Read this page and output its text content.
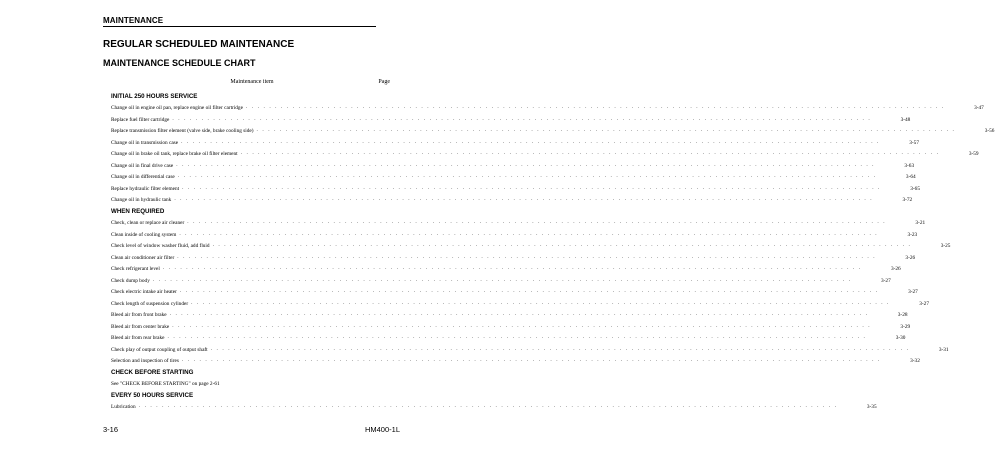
MAINTENANCE
REGULAR SCHEDULED MAINTENANCE
MAINTENANCE SCHEDULE CHART
Maintenance item	Page
INITIAL 250 HOURS SERVICE
Change oil in engine oil pan, replace engine oil filter cartridge . . . . . . . . . . . . . . . . . . . . . . . . . . . . . . . . . . . . . . . . . . . . . . . . . . . . . . . . . . . . . . . . . . . . . . . . . . . . . . . . . . . . . . . . . . . . . . . . . . . . . . . . . . . . . . . . . . . . . . . .	3-47
Replace fuel filter cartridge . . . . . . . . . . . . . . . . . . . . . . . . . . . . . . . . . . . . . . . . . . . . . . . . . . . . . . . . . . . . . . . . . . . . . . . . . . . . . . . . . . . . . . . . . . . . . . . . . . . . . . . . . . . . . . . . . . . . . . . .	3-48
Replace transmission filter element (valve side, brake cooling side) . . . . . . . . . . . . . . . . . . . . . . . . . . . . . . . . . . . . . . . . . . . . . . . . . . . . . . . . . . . . . . . . . . . . . . . . . . . . . . . . . . . . . . . . . . . . . . . . . . . . . . . . . . . . . . . . . . . . . . . .	3-56
Change oil in transmission case . . . . . . . . . . . . . . . . . . . . . . . . . . . . . . . . . . . . . . . . . . . . . . . . . . . . . . . . . . . . . . . . . . . . . . . . . . . . . . . . . . . . . . . . . . . . . . . . . . . . . . . . . . . . . . . . . . . . . . . .	3-57
Change oil in brake oil tank, replace brake oil filter element . . . . . . . . . . . . . . . . . . . . . . . . . . . . . . . . . . . . . . . . . . . . . . . . . . . . . . . . . . . . . . . . . . . . . . . . . . . . . . . . . . . . . . . . . . . . . . . . . . . . . . . . . . . . . . . . . . . . . . . .	3-59
Change oil in final drive case . . . . . . . . . . . . . . . . . . . . . . . . . . . . . . . . . . . . . . . . . . . . . . . . . . . . . . . . . . . . . . . . . . . . . . . . . . . . . . . . . . . . . . . . . . . . . . . . . . . . . . . . . . . . . . . . . . . . . . . .	3-63
Change oil in differential case . . . . . . . . . . . . . . . . . . . . . . . . . . . . . . . . . . . . . . . . . . . . . . . . . . . . . . . . . . . . . . . . . . . . . . . . . . . . . . . . . . . . . . . . . . . . . . . . . . . . . . . . . . . . . . . . . . . . . . . .	3-64
Replace hydraulic filter element . . . . . . . . . . . . . . . . . . . . . . . . . . . . . . . . . . . . . . . . . . . . . . . . . . . . . . . . . . . . . . . . . . . . . . . . . . . . . . . . . . . . . . . . . . . . . . . . . . . . . . . . . . . . . . . . . . . . . . . .	3-65
Change oil in hydraulic tank . . . . . . . . . . . . . . . . . . . . . . . . . . . . . . . . . . . . . . . . . . . . . . . . . . . . . . . . . . . . . . . . . . . . . . . . . . . . . . . . . . . . . . . . . . . . . . . . . . . . . . . . . . . . . . . . . . . . . . . .	3-72
WHEN REQUIRED
Check, clean or replace air cleaner . . . . . . . . . . . . . . . . . . . . . . . . . . . . . . . . . . . . . . . . . . . . . . . . . . . . . . . . . . . . . . . . . . . . . . . . . . . . . . . . . . . . . . . . . . . . . . . . . . . . . . . . . . . . . . . . . . . . . . . .	3-21
Clean inside of cooling system . . . . . . . . . . . . . . . . . . . . . . . . . . . . . . . . . . . . . . . . . . . . . . . . . . . . . . . . . . . . . . . . . . . . . . . . . . . . . . . . . . . . . . . . . . . . . . . . . . . . . . . . . . . . . . . . . . . . . . . .	3-23
Check level of window washer fluid, add fluid . . . . . . . . . . . . . . . . . . . . . . . . . . . . . . . . . . . . . . . . . . . . . . . . . . . . . . . . . . . . . . . . . . . . . . . . . . . . . . . . . . . . . . . . . . . . . . . . . . . . . . . . . . . . . . . . . . . . . . . .	3-25
Clean air conditioner air filter . . . . . . . . . . . . . . . . . . . . . . . . . . . . . . . . . . . . . . . . . . . . . . . . . . . . . . . . . . . . . . . . . . . . . . . . . . . . . . . . . . . . . . . . . . . . . . . . . . . . . . . . . . . . . . . . . . . . . . . .	3-26
Check refrigerant level . . . . . . . . . . . . . . . . . . . . . . . . . . . . . . . . . . . . . . . . . . . . . . . . . . . . . . . . . . . . . . . . . . . . . . . . . . . . . . . . . . . . . . . . . . . . . . . . . . . . . . . . . . . . . . . . . . . . . . . .	3-26
Check dump body . . . . . . . . . . . . . . . . . . . . . . . . . . . . . . . . . . . . . . . . . . . . . . . . . . . . . . . . . . . . . . . . . . . . . . . . . . . . . . . . . . . . . . . . . . . . . . . . . . . . . . . . . . . . . . . . . . . . . . . .	3-27
Check electric intake air heater . . . . . . . . . . . . . . . . . . . . . . . . . . . . . . . . . . . . . . . . . . . . . . . . . . . . . . . . . . . . . . . . . . . . . . . . . . . . . . . . . . . . . . . . . . . . . . . . . . . . . . . . . . . . . . . . . . . . . . . .	3-27
Check length of suspension cylinder . . . . . . . . . . . . . . . . . . . . . . . . . . . . . . . . . . . . . . . . . . . . . . . . . . . . . . . . . . . . . . . . . . . . . . . . . . . . . . . . . . . . . . . . . . . . . . . . . . . . . . . . . . . . . . . . . . . . . . . .	3-27
Bleed air from front brake . . . . . . . . . . . . . . . . . . . . . . . . . . . . . . . . . . . . . . . . . . . . . . . . . . . . . . . . . . . . . . . . . . . . . . . . . . . . . . . . . . . . . . . . . . . . . . . . . . . . . . . . . . . . . . . . . . . . . . . .	3-28
Bleed air from center brake . . . . . . . . . . . . . . . . . . . . . . . . . . . . . . . . . . . . . . . . . . . . . . . . . . . . . . . . . . . . . . . . . . . . . . . . . . . . . . . . . . . . . . . . . . . . . . . . . . . . . . . . . . . . . . . . . . . . . . . .	3-29
Bleed air from rear brake . . . . . . . . . . . . . . . . . . . . . . . . . . . . . . . . . . . . . . . . . . . . . . . . . . . . . . . . . . . . . . . . . . . . . . . . . . . . . . . . . . . . . . . . . . . . . . . . . . . . . . . . . . . . . . . . . . . . . . . .	3-30
Check play of output coupling of output shaft . . . . . . . . . . . . . . . . . . . . . . . . . . . . . . . . . . . . . . . . . . . . . . . . . . . . . . . . . . . . . . . . . . . . . . . . . . . . . . . . . . . . . . . . . . . . . . . . . . . . . . . . . . . . . . . . . . . . . . . .	3-31
Selection and inspection of tires . . . . . . . . . . . . . . . . . . . . . . . . . . . . . . . . . . . . . . . . . . . . . . . . . . . . . . . . . . . . . . . . . . . . . . . . . . . . . . . . . . . . . . . . . . . . . . . . . . . . . . . . . . . . . . . . . . . . . . . .	3-32
CHECK BEFORE STARTING
See "CHECK BEFORE STARTING" on page 2-61
EVERY 50 HOURS SERVICE
Lubrication . . . . . . . . . . . . . . . . . . . . . . . . . . . . . . . . . . . . . . . . . . . . . . . . . . . . . . . . . . . . . . . . . . . . . . . . . . . . . . . . . . . . . . . . . . . . . . . . . . . . . . . . . . . . . . . . . . . . . . . .	3-35
3-16	HM400-1L
